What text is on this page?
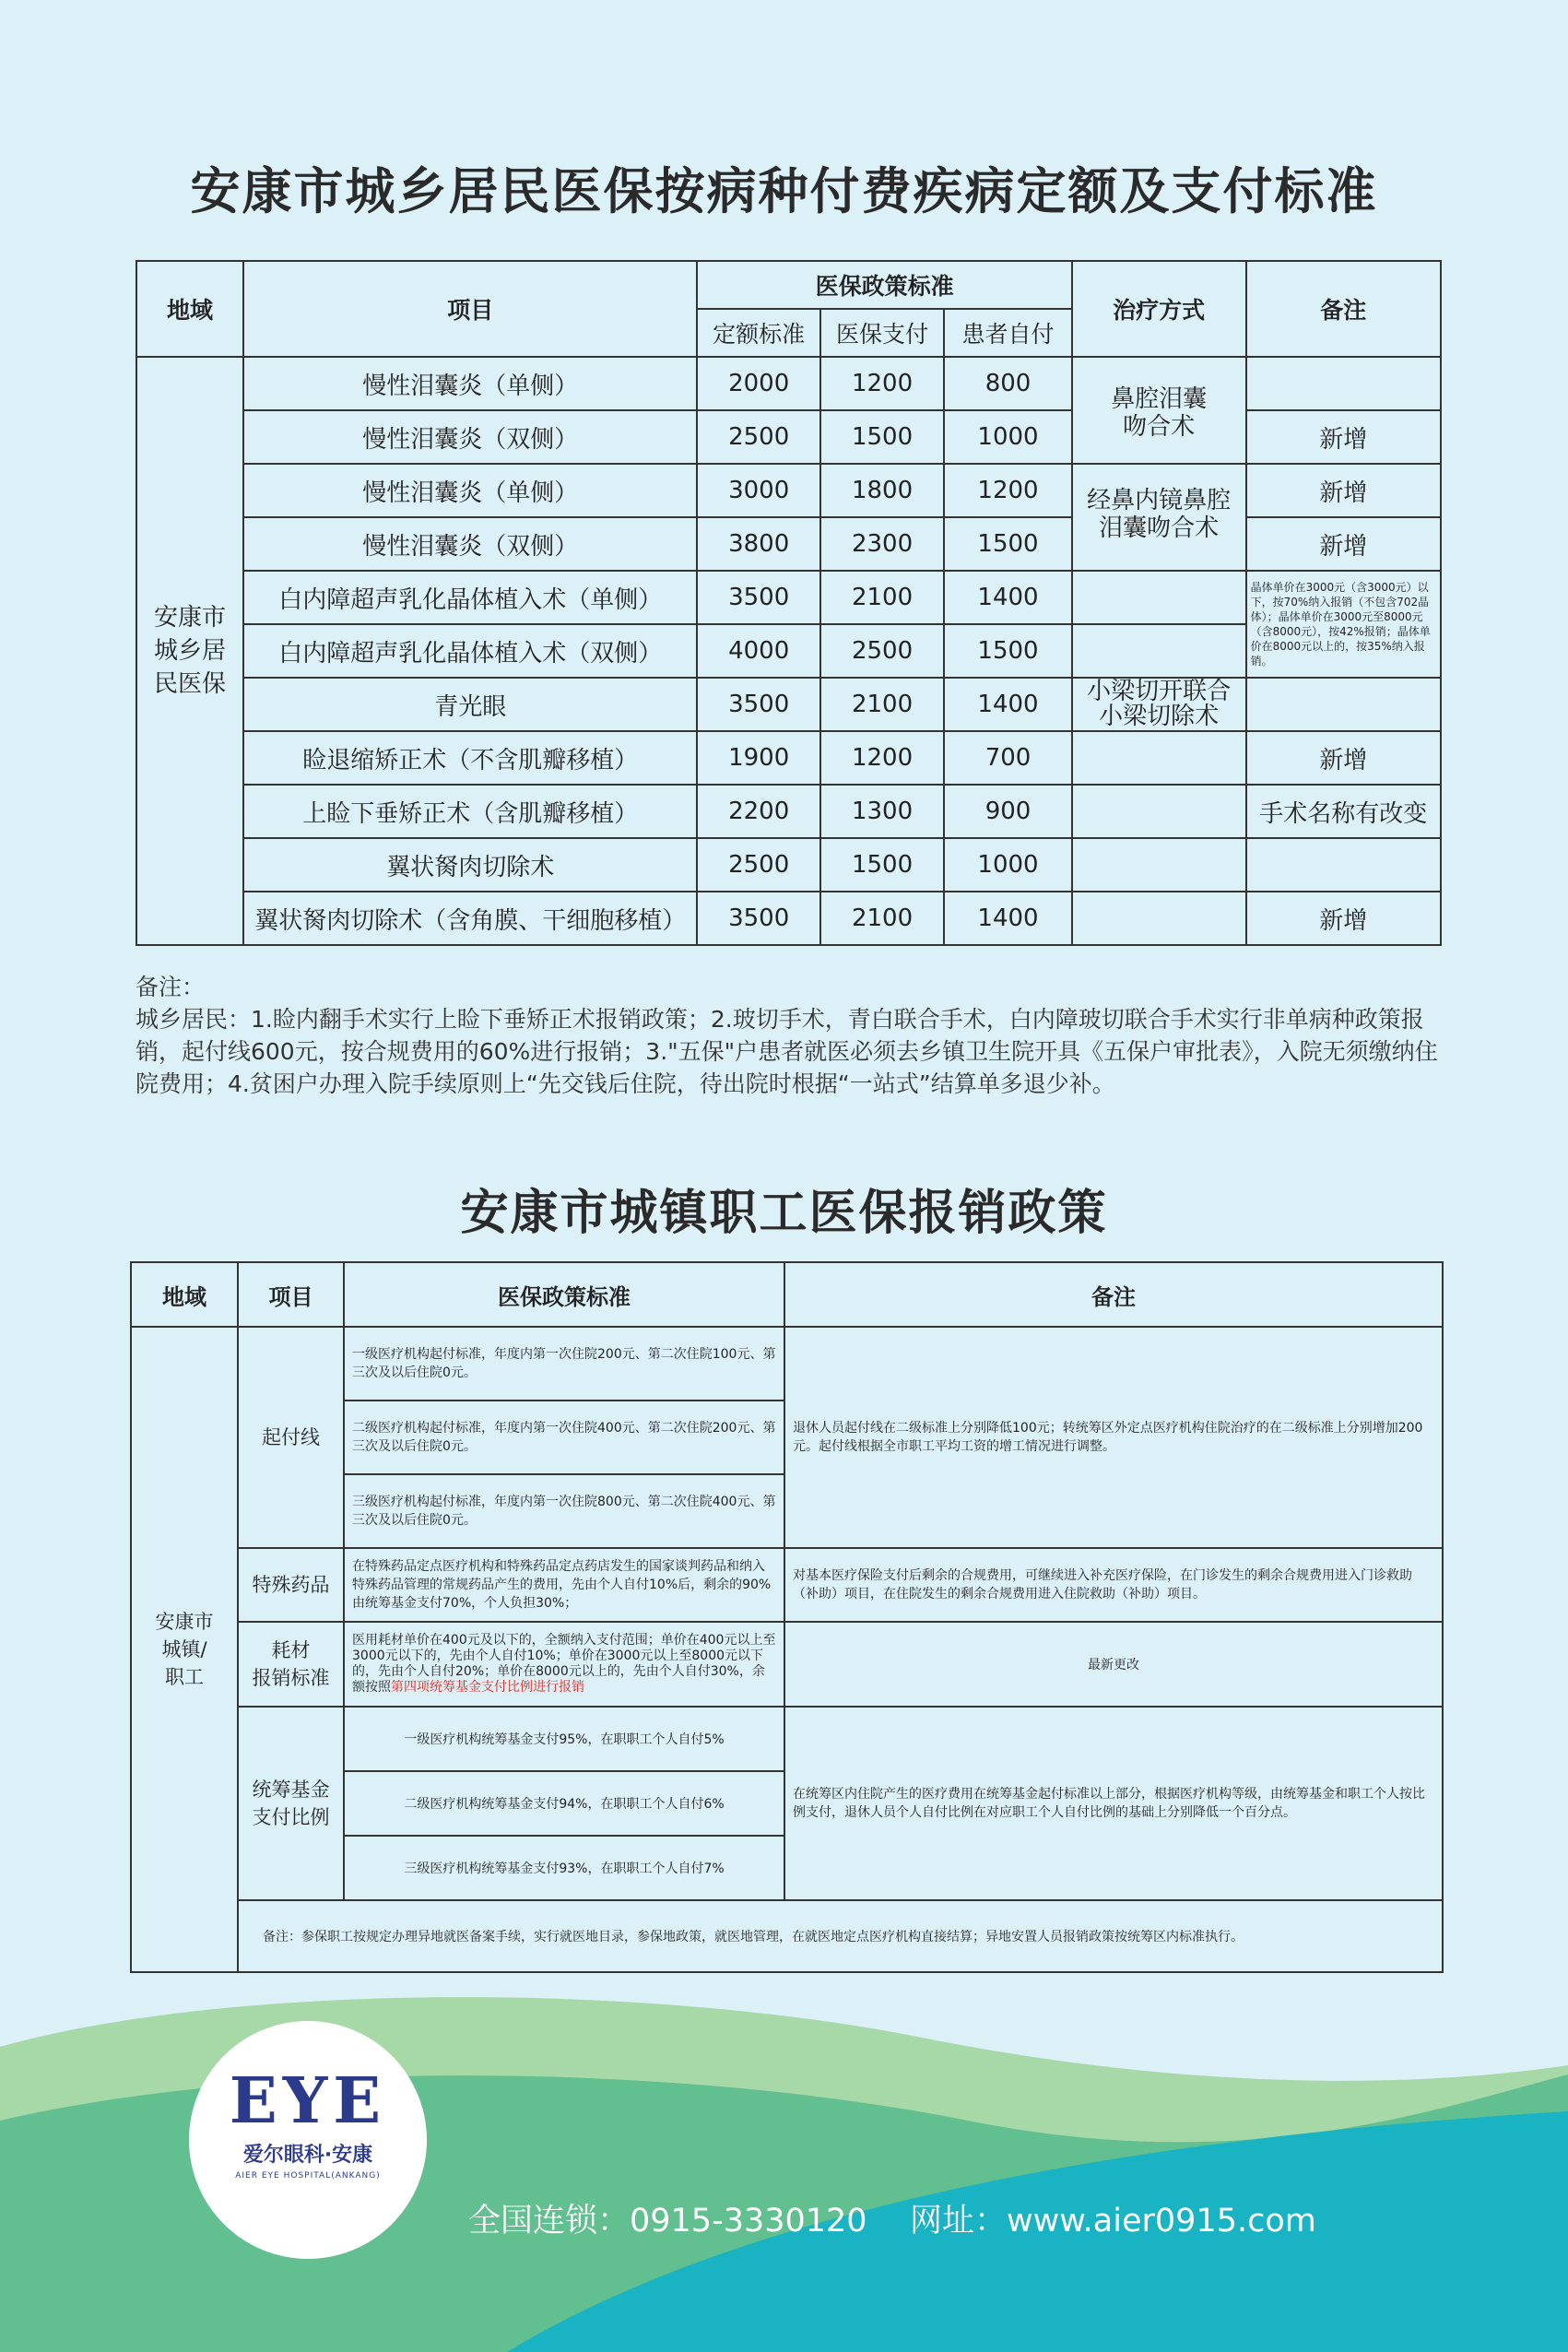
安康市城乡居民医保按病种付费疾病定额及支付标准
地域	项目	医保政策标准			治疗方式	备注
		定额标准	医保支付	患者自付		
安康市
城乡居
民医保	慢性泪囊炎（单侧）	2000	1200	800	鼻腔泪囊
吻合术	
	慢性泪囊炎（双侧）	2500	1500	1000		新增
	慢性泪囊炎（单侧）	3000	1800	1200	经鼻内镜鼻腔
泪囊吻合术	新增
	慢性泪囊炎（双侧）	3800	2300	1500		新增
	白内障超声乳化晶体植入术（单侧）	3500	2100	1400		晶体单价在3000元（含3000元）以下，按70%纳入报销（不包含702晶体）；晶体单价在3000元至8000元（含8000元），按42%报销；晶体单价在8000元以上的，按35%纳入报销。
	白内障超声乳化晶体植入术（双侧）	4000	2500	1500		
	青光眼	3500	2100	1400	小梁切开联合
小梁切除术	
	睑退缩矫正术（不含肌瓣移植）	1900	1200	700		新增
	上睑下垂矫正术（含肌瓣移植）	2200	1300	900		手术名称有改变
	翼状胬肉切除术	2500	1500	1000		
	翼状胬肉切除术（含角膜、干细胞移植）	3500	2100	1400		新增
备注：
城乡居民：1.睑内翻手术实行上睑下垂矫正术报销政策；2.玻切手术，青白联合手术，白内障玻切联合手术实行非单病种政策报销，起付线600元，按合规费用的60%进行报销；3."五保"户患者就医必须去乡镇卫生院开具《五保户审批表》，入院无须缴纳住院费用；4.贫困户办理入院手续原则上“先交钱后住院，待出院时根据“一站式”结算单多退少补。
安康市城镇职工医保报销政策
地域	项目	医保政策标准	备注
安康市
城镇/
职工	起付线	一级医疗机构起付标准，年度内第一次住院200元、第二次住院100元、第三次及以后住院0元。	退休人员起付线在二级标准上分别降低100元；转统筹区外定点医疗机构住院治疗的在二级标准上分别增加200元。起付线根据全市职工平均工资的增工情况进行调整。
		二级医疗机构起付标准，年度内第一次住院400元、第二次住院200元、第三次及以后住院0元。	
		三级医疗机构起付标准，年度内第一次住院800元、第二次住院400元、第三次及以后住院0元。	
	特殊药品	在特殊药品定点医疗机构和特殊药品定点药店发生的国家谈判药品和纳入特殊药品管理的常规药品产生的费用，先由个人自付10%后，剩余的90%由统筹基金支付70%，个人负担30%；	对基本医疗保险支付后剩余的合规费用，可继续进入补充医疗保险，在门诊发生的剩余合规费用进入门诊救助（补助）项目，在住院发生的剩余合规费用进入住院救助（补助）项目。
	耗材
报销标准	医用耗材单价在400元及以下的，全额纳入支付范围；单价在400元以上至3000元以下的，先由个人自付10%；单价在3000元以上至8000元以下的，先由个人自付20%；单价在8000元以上的，先由个人自付30%，余额按照第四项统筹基金支付比例进行报销	最新更改
	统筹基金
支付比例	一级医疗机构统筹基金支付95%，在职职工个人自付5%	在统筹区内住院产生的医疗费用在统筹基金起付标准以上部分，根据医疗机构等级，由统筹基金和职工个人按比例支付，退休人员个人自付比例在对应职工个人自付比例的基础上分别降低一个百分点。
		二级医疗机构统筹基金支付94%，在职职工个人自付6%	
		三级医疗机构统筹基金支付93%，在职职工个人自付7%	
	备注：参保职工按规定办理异地就医备案手续，实行就医地目录，参保地政策，就医地管理，在就医地定点医疗机构直接结算；异地安置人员报销政策按统筹区内标准执行。		
EYE
爱尔眼科·安康
AIER EYE HOSPITAL(ANKANG)
全国连锁：0915-3330120 网址：www.aier0915.com
